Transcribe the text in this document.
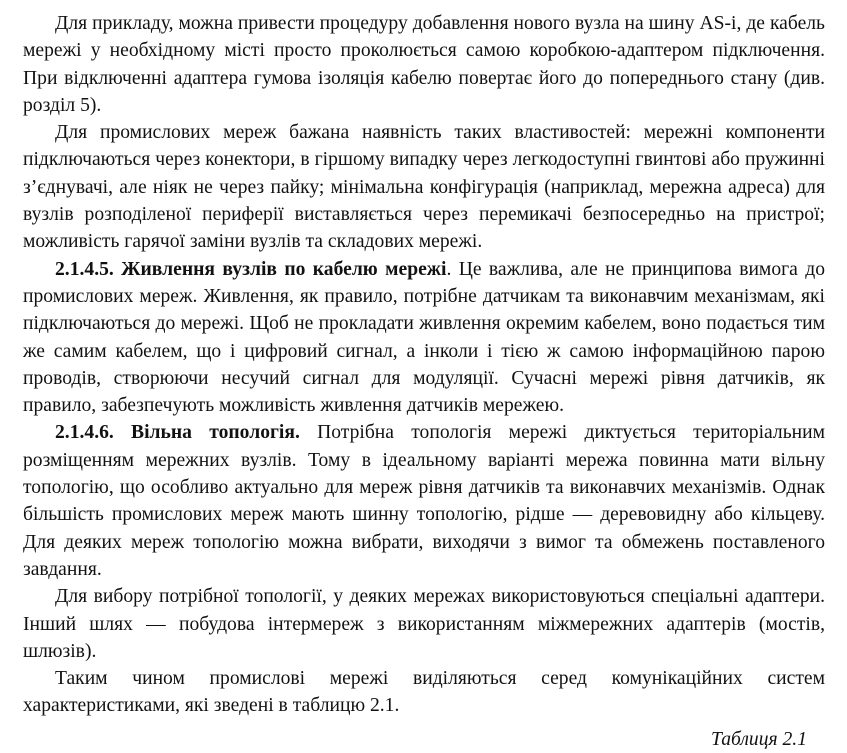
Для прикладу, можна привести процедуру добавлення нового вузла на шину AS-i, де кабель мережі у необхідному місті просто проколюється самою коробкою-адаптером підключення. При відключенні адаптера гумова ізоляція кабелю повертає його до попереднього стану (див. розділ 5).

Для промислових мереж бажана наявність таких властивостей: мережні компоненти підключаються через конектори, в гіршому випадку через легкодоступні гвинтові або пружинні з’єднувачі, але ніяк не через пайку; мінімальна конфігурація (наприклад, мережна адреса) для вузлів розподіленої периферії виставляється через перемикачі безпосередньо на пристрої; можливість гарячої заміни вузлів та складових мережі.

2.1.4.5. Живлення вузлів по кабелю мережі. Це важлива, але не принципова вимога до промислових мереж. Живлення, як правило, потрібне датчикам та виконавчим механізмам, які підключаються до мережі. Щоб не прокладати живлення окремим кабелем, воно подається тим же самим кабелем, що і цифровий сигнал, а інколи і тією ж самою інформаційною парою проводів, створюючи несучий сигнал для модуляції. Сучасні мережі рівня датчиків, як правило, забезпечують можливість живлення датчиків мережею.

2.1.4.6. Вільна топологія. Потрібна топологія мережі диктується територіальним розміщенням мережних вузлів. Тому в ідеальному варіанті мережа повинна мати вільну топологію, що особливо актуально для мереж рівня датчиків та виконавчих механізмів. Однак більшість промислових мереж мають шинну топологію, рідше — деревовидну або кільцеву. Для деяких мереж топологію можна вибрати, виходячи з вимог та обмежень поставленого завдання.

Для вибору потрібної топології, у деяких мережах використовуються спеціальні адаптери. Інший шлях — побудова інтермереж з використанням міжмережних адаптерів (мостів, шлюзів).

Таким чином промислові мережі виділяються серед комунікаційних систем характеристиками, які зведені в таблицю 2.1.

Таблиця 2.1
